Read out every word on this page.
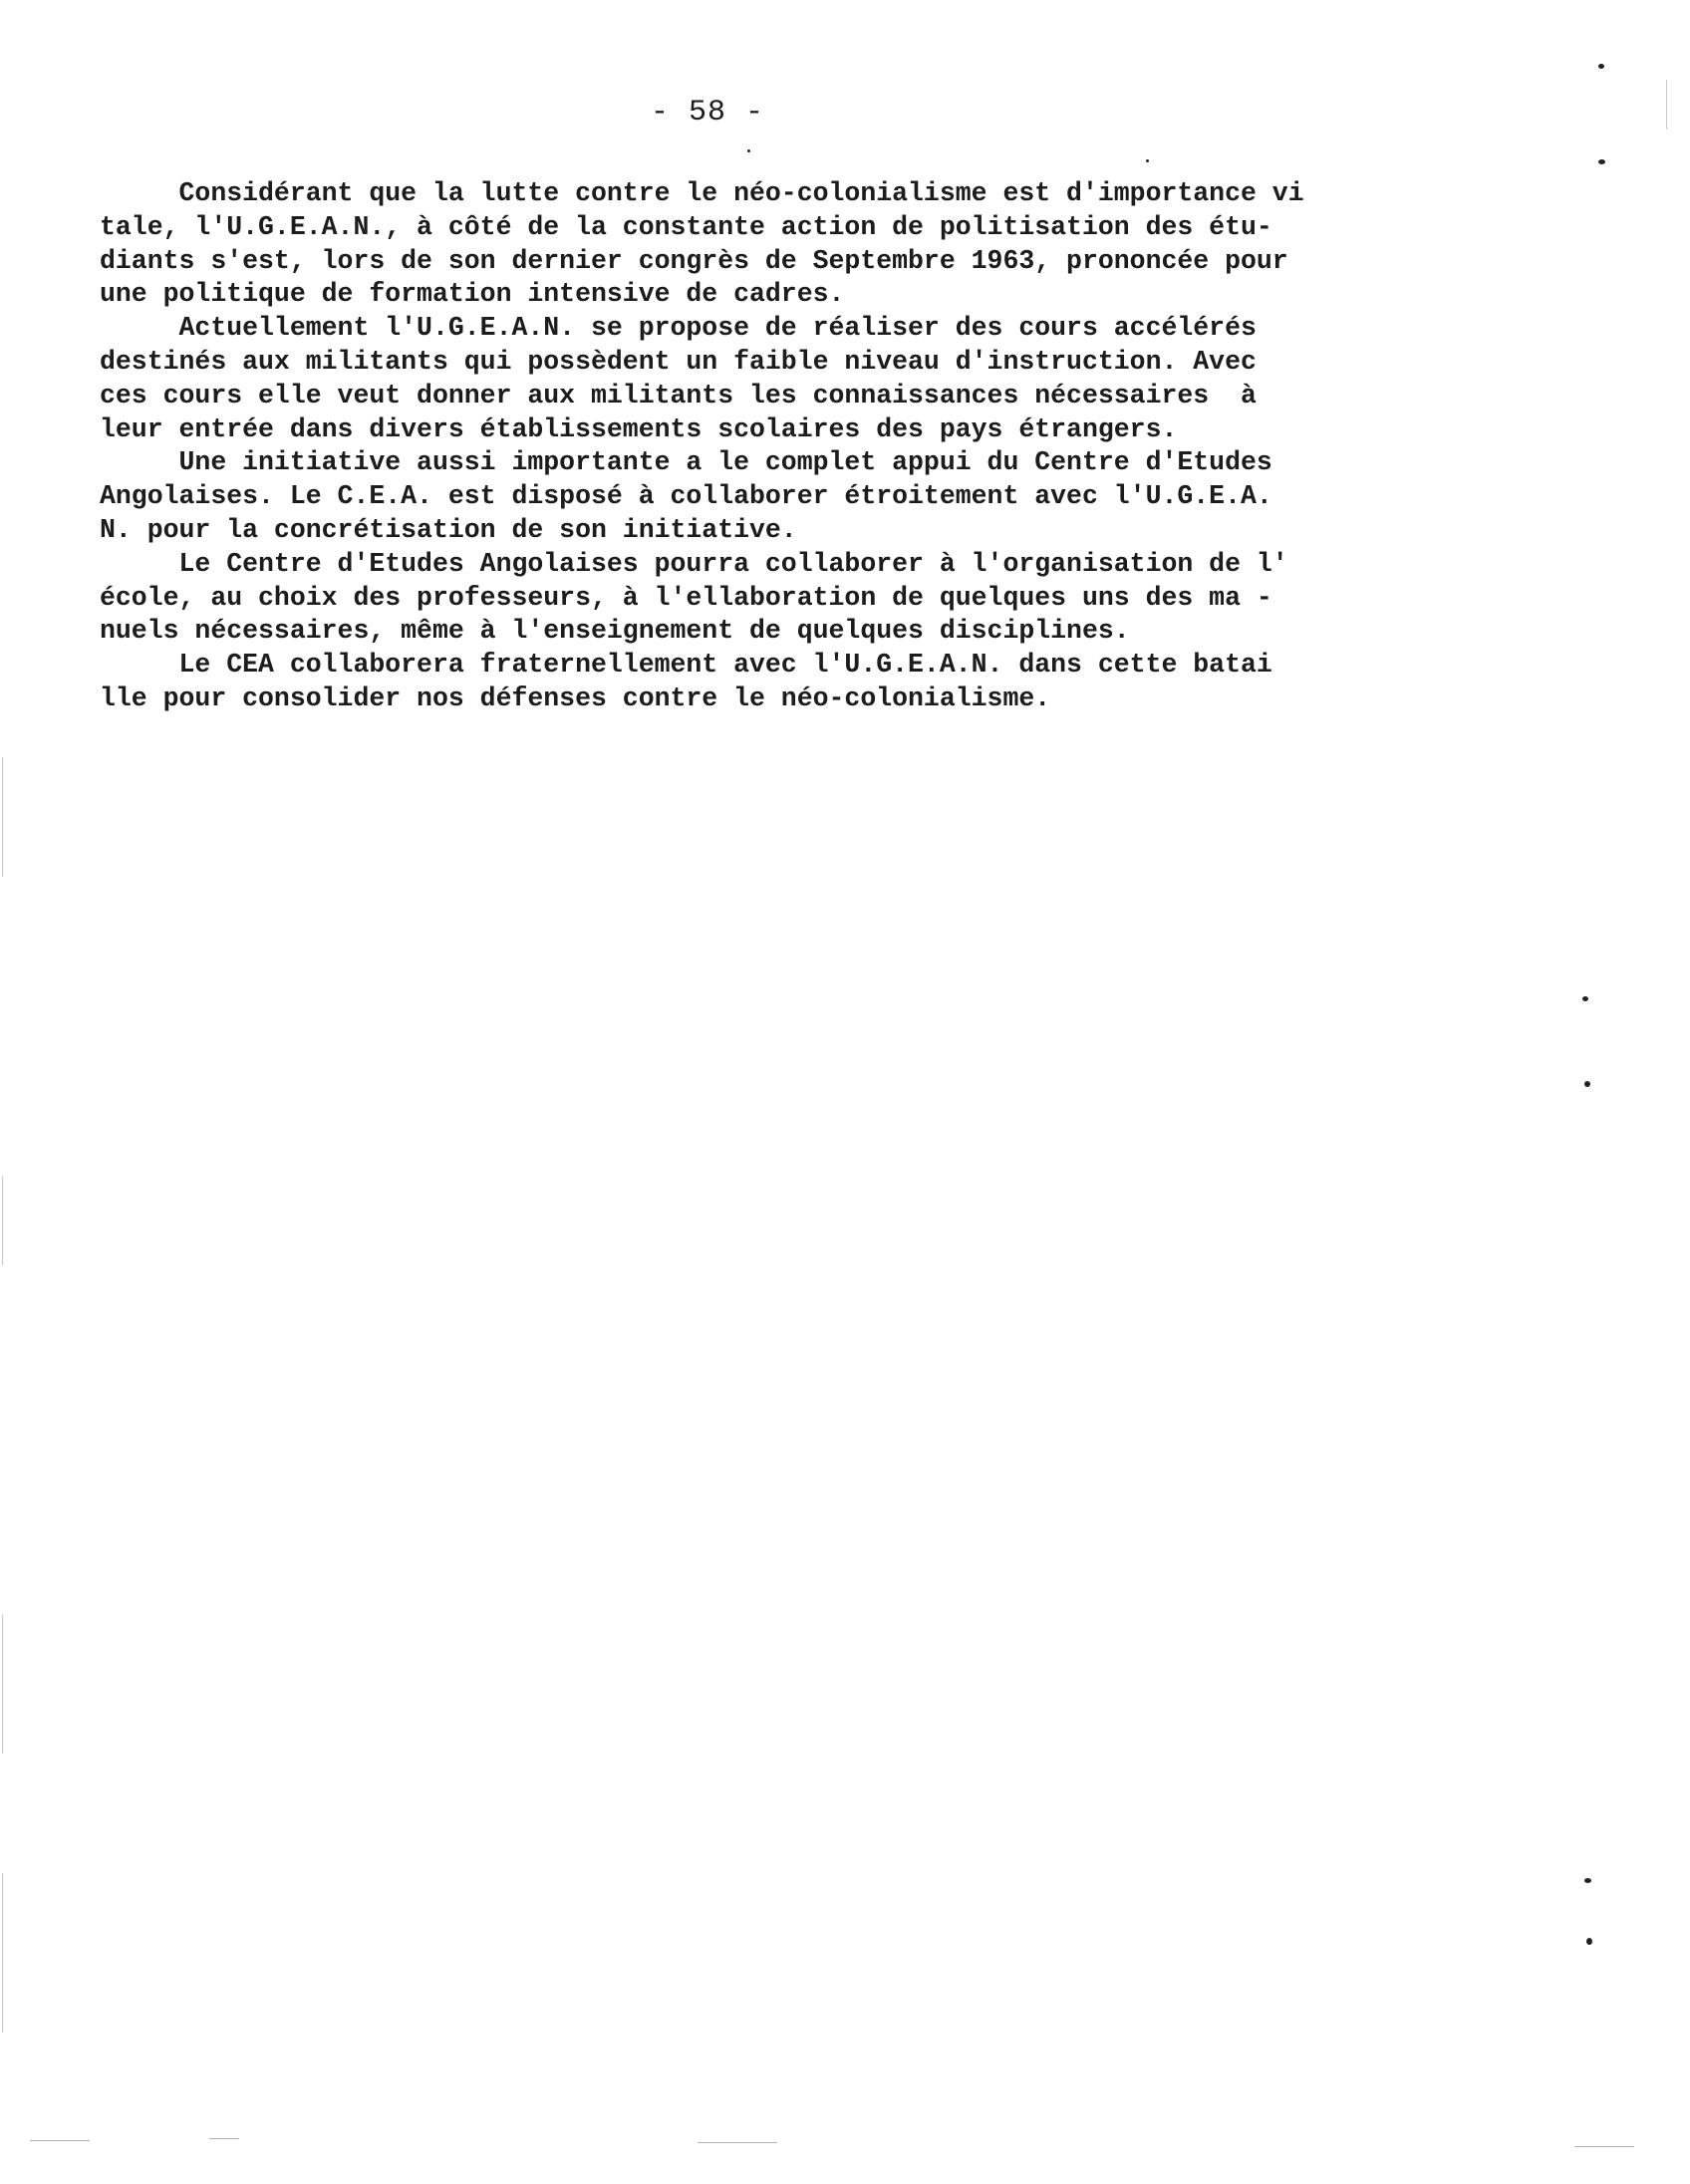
- 58 -
Considérant que la lutte contre le néo-colonialisme est d'importance vi
tale, l'U.G.E.A.N., à côté de la constante action de politisation des étu-
diants s'est, lors de son dernier congrès de Septembre 1963, prononcée pour
une politique de formation intensive de cadres.
Actuellement l'U.G.E.A.N. se propose de réaliser des cours accélérés
destinés aux militants qui possèdent un faible niveau d'instruction. Avec
ces cours elle veut donner aux militants les connaissances nécessaires  à
leur entrée dans divers établissements scolaires des pays étrangers.
Une initiative aussi importante a le complet appui du Centre d'Etudes
Angolaises. Le C.E.A. est disposé à collaborer étroitement avec l'U.G.E.A.
N. pour la concrétisation de son initiative.
Le Centre d'Etudes Angolaises pourra collaborer à l'organisation de l'
école, au choix des professeurs, à l'ellaboration de quelques uns des ma -
nuels nécessaires, même à l'enseignement de quelques disciplines.
Le CEA collaborera fraternellement avec l'U.G.E.A.N. dans cette batai
lle pour consolider nos défenses contre le néo-colonialisme.
